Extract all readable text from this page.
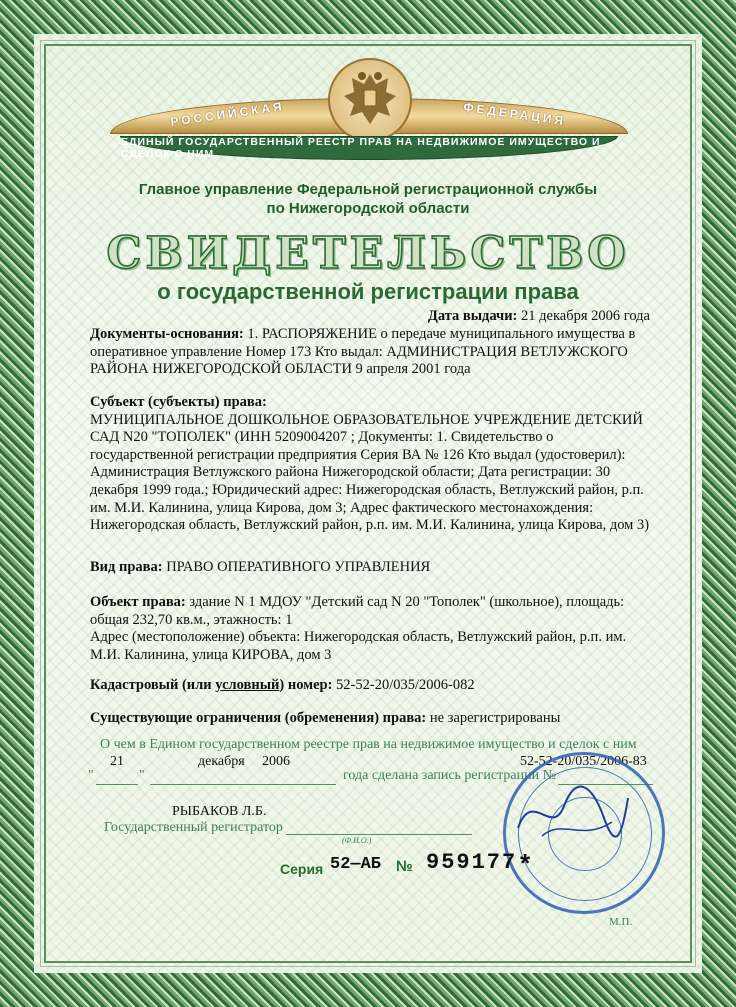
РОССИЙСКАЯ	ФЕДЕРАЦИЯ
ЕДИНЫЙ ГОСУДАРСТВЕННЫЙ РЕЕСТР ПРАВ НА НЕДВИЖИМОЕ ИМУЩЕСТВО И СДЕЛОК С НИМ
Главное управление Федеральной регистрационной службы
по Нижегородской области
СВИДЕТЕЛЬСТВО
о государственной регистрации права
Дата выдачи: 21 декабря 2006 года
Документы-основания: 1. РАСПОРЯЖЕНИЕ о передаче муниципального имущества в оперативное управление Номер 173 Кто выдал: АДМИНИСТРАЦИЯ ВЕТЛУЖСКОГО РАЙОНА НИЖЕГОРОДСКОЙ ОБЛАСТИ 9 апреля 2001 года
Субъект (субъекты) права:
МУНИЦИПАЛЬНОЕ ДОШКОЛЬНОЕ ОБРАЗОВАТЕЛЬНОЕ УЧРЕЖДЕНИЕ ДЕТСКИЙ САД N20 "ТОПОЛЕК" (ИНН 5209004207 ; Документы: 1. Свидетельство о государственной регистрации предприятия Серия ВА № 126 Кто выдал (удостоверил): Администрация Ветлужского района Нижегородской области; Дата регистрации: 30 декабря 1999 года.; Юридический адрес: Нижегородская область, Ветлужский район, р.п. им. М.И. Калинина, улица Кирова, дом 3; Адрес фактического местонахождения: Нижегородская область, Ветлужский район, р.п. им. М.И. Калинина, улица Кирова, дом 3)
Вид права: ПРАВО ОПЕРАТИВНОГО УПРАВЛЕНИЯ
Объект права: здание N 1 МДОУ "Детский сад N 20 "Тополек" (школьное), площадь: общая 232,70 кв.м., этажность: 1
Адрес (местоположение) объекта: Нижегородская область, Ветлужский район, р.п. им. М.И. Калинина, улица КИРОВА, дом 3
Кадастровый (или условный) номер: 52-52-20/035/2006-082
Существующие ограничения (обременения) права: не зарегистрированы
О чем в Едином государственном реестре прав на недвижимое имущество и сделок с ним
21	декабря 2006	52-52-20/035/2006-83
"	"	года сделана запись регистрации №
РЫБАКОВ Л.Б.
Государственный регистратор
(Ф.И.О.)
М.П.
Серия 52—АБ № 959177 *
